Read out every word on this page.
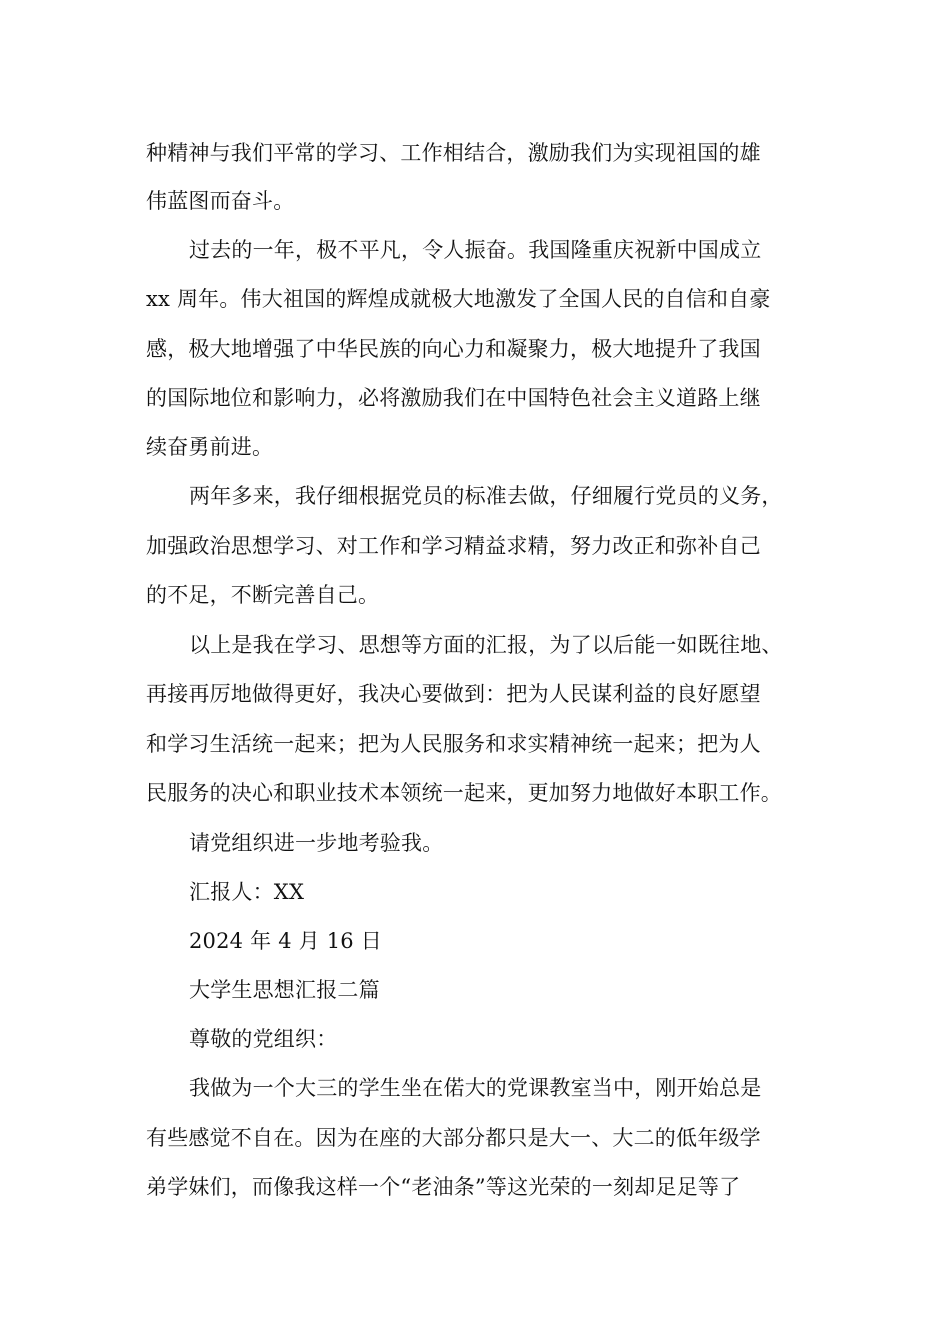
种精神与我们平常的学习、工作相结合，激励我们为实现祖国的雄
伟蓝图而奋斗。
过去的一年，极不平凡，令人振奋。我国隆重庆祝新中国成立
xx 周年。伟大祖国的辉煌成就极大地激发了全国人民的自信和自豪
感，极大地增强了中华民族的向心力和凝聚力，极大地提升了我国
的国际地位和影响力，必将激励我们在中国特色社会主义道路上继
续奋勇前进。
两年多来，我仔细根据党员的标准去做，仔细履行党员的义务，
加强政治思想学习、对工作和学习精益求精，努力改正和弥补自己
的不足，不断完善自己。
以上是我在学习、思想等方面的汇报，为了以后能一如既往地、
再接再厉地做得更好，我决心要做到：把为人民谋利益的良好愿望
和学习生活统一起来；把为人民服务和求实精神统一起来；把为人
民服务的决心和职业技术本领统一起来，更加努力地做好本职工作。
请党组织进一步地考验我。
汇报人：XX
2024 年 4 月 16 日
大学生思想汇报二篇
尊敬的党组织：
我做为一个大三的学生坐在偌大的党课教室当中，刚开始总是
有些感觉不自在。因为在座的大部分都只是大一、大二的低年级学
弟学妹们，而像我这样一个“老油条”等这光荣的一刻却足足等了
